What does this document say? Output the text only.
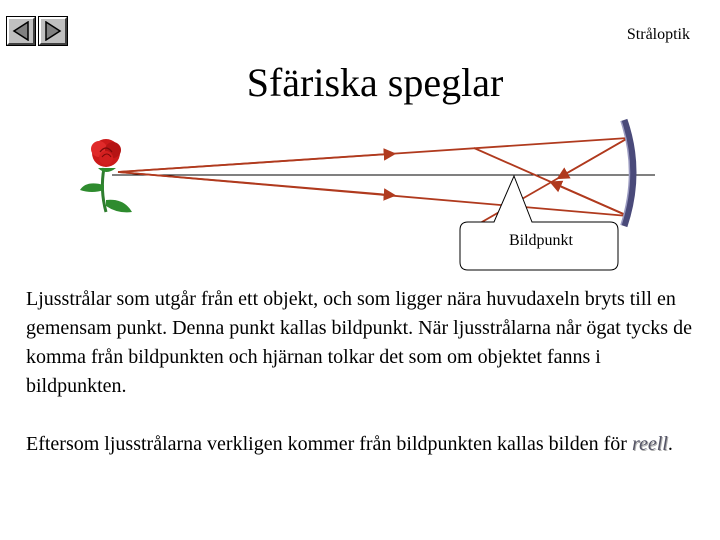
Stråloptik
Sfäriska speglar
Bildpunkt

Ljusstrålar som utgår från ett objekt, och som ligger nära huvudaxeln bryts till en gemensam punkt. Denna punkt kallas bildpunkt. När ljusstrålarna når ögat tycks de komma från bildpunkten och hjärnan tolkar det som om objektet fanns i bildpunkten.

Eftersom ljusstrålarna verkligen kommer från bildpunkten kallas bilden för reell.
